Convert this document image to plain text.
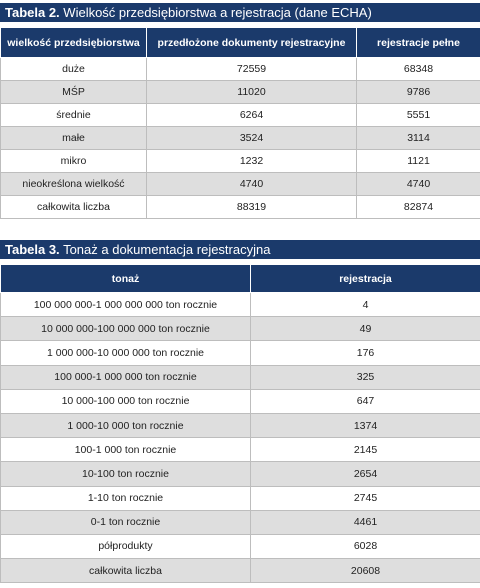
Tabela 2. Wielkość przedsiębiorstwa a rejestracja (dane ECHA)
wielkość przedsiębiorstwa	przedłożone dokumenty rejestracyjne	rejestracje pełne
duże	72559	68348
MŚP	11020	9786
średnie	6264	5551
małe	3524	3114
mikro	1232	1121
nieokreślona wielkość	4740	4740
całkowita liczba	88319	82874
Tabela 3. Tonaż a dokumentacja rejestracyjna
tonaż	rejestracja
100 000 000-1 000 000 000 ton rocznie	4
10 000 000-100 000 000 ton rocznie	49
1 000 000-10 000 000 ton rocznie	176
100 000-1 000 000 ton rocznie	325
10 000-100 000 ton rocznie	647
1 000-10 000 ton rocznie	1374
100-1 000 ton rocznie	2145
10-100 ton rocznie	2654
1-10 ton rocznie	2745
0-1 ton rocznie	4461
półprodukty	6028
całkowita liczba	20608
